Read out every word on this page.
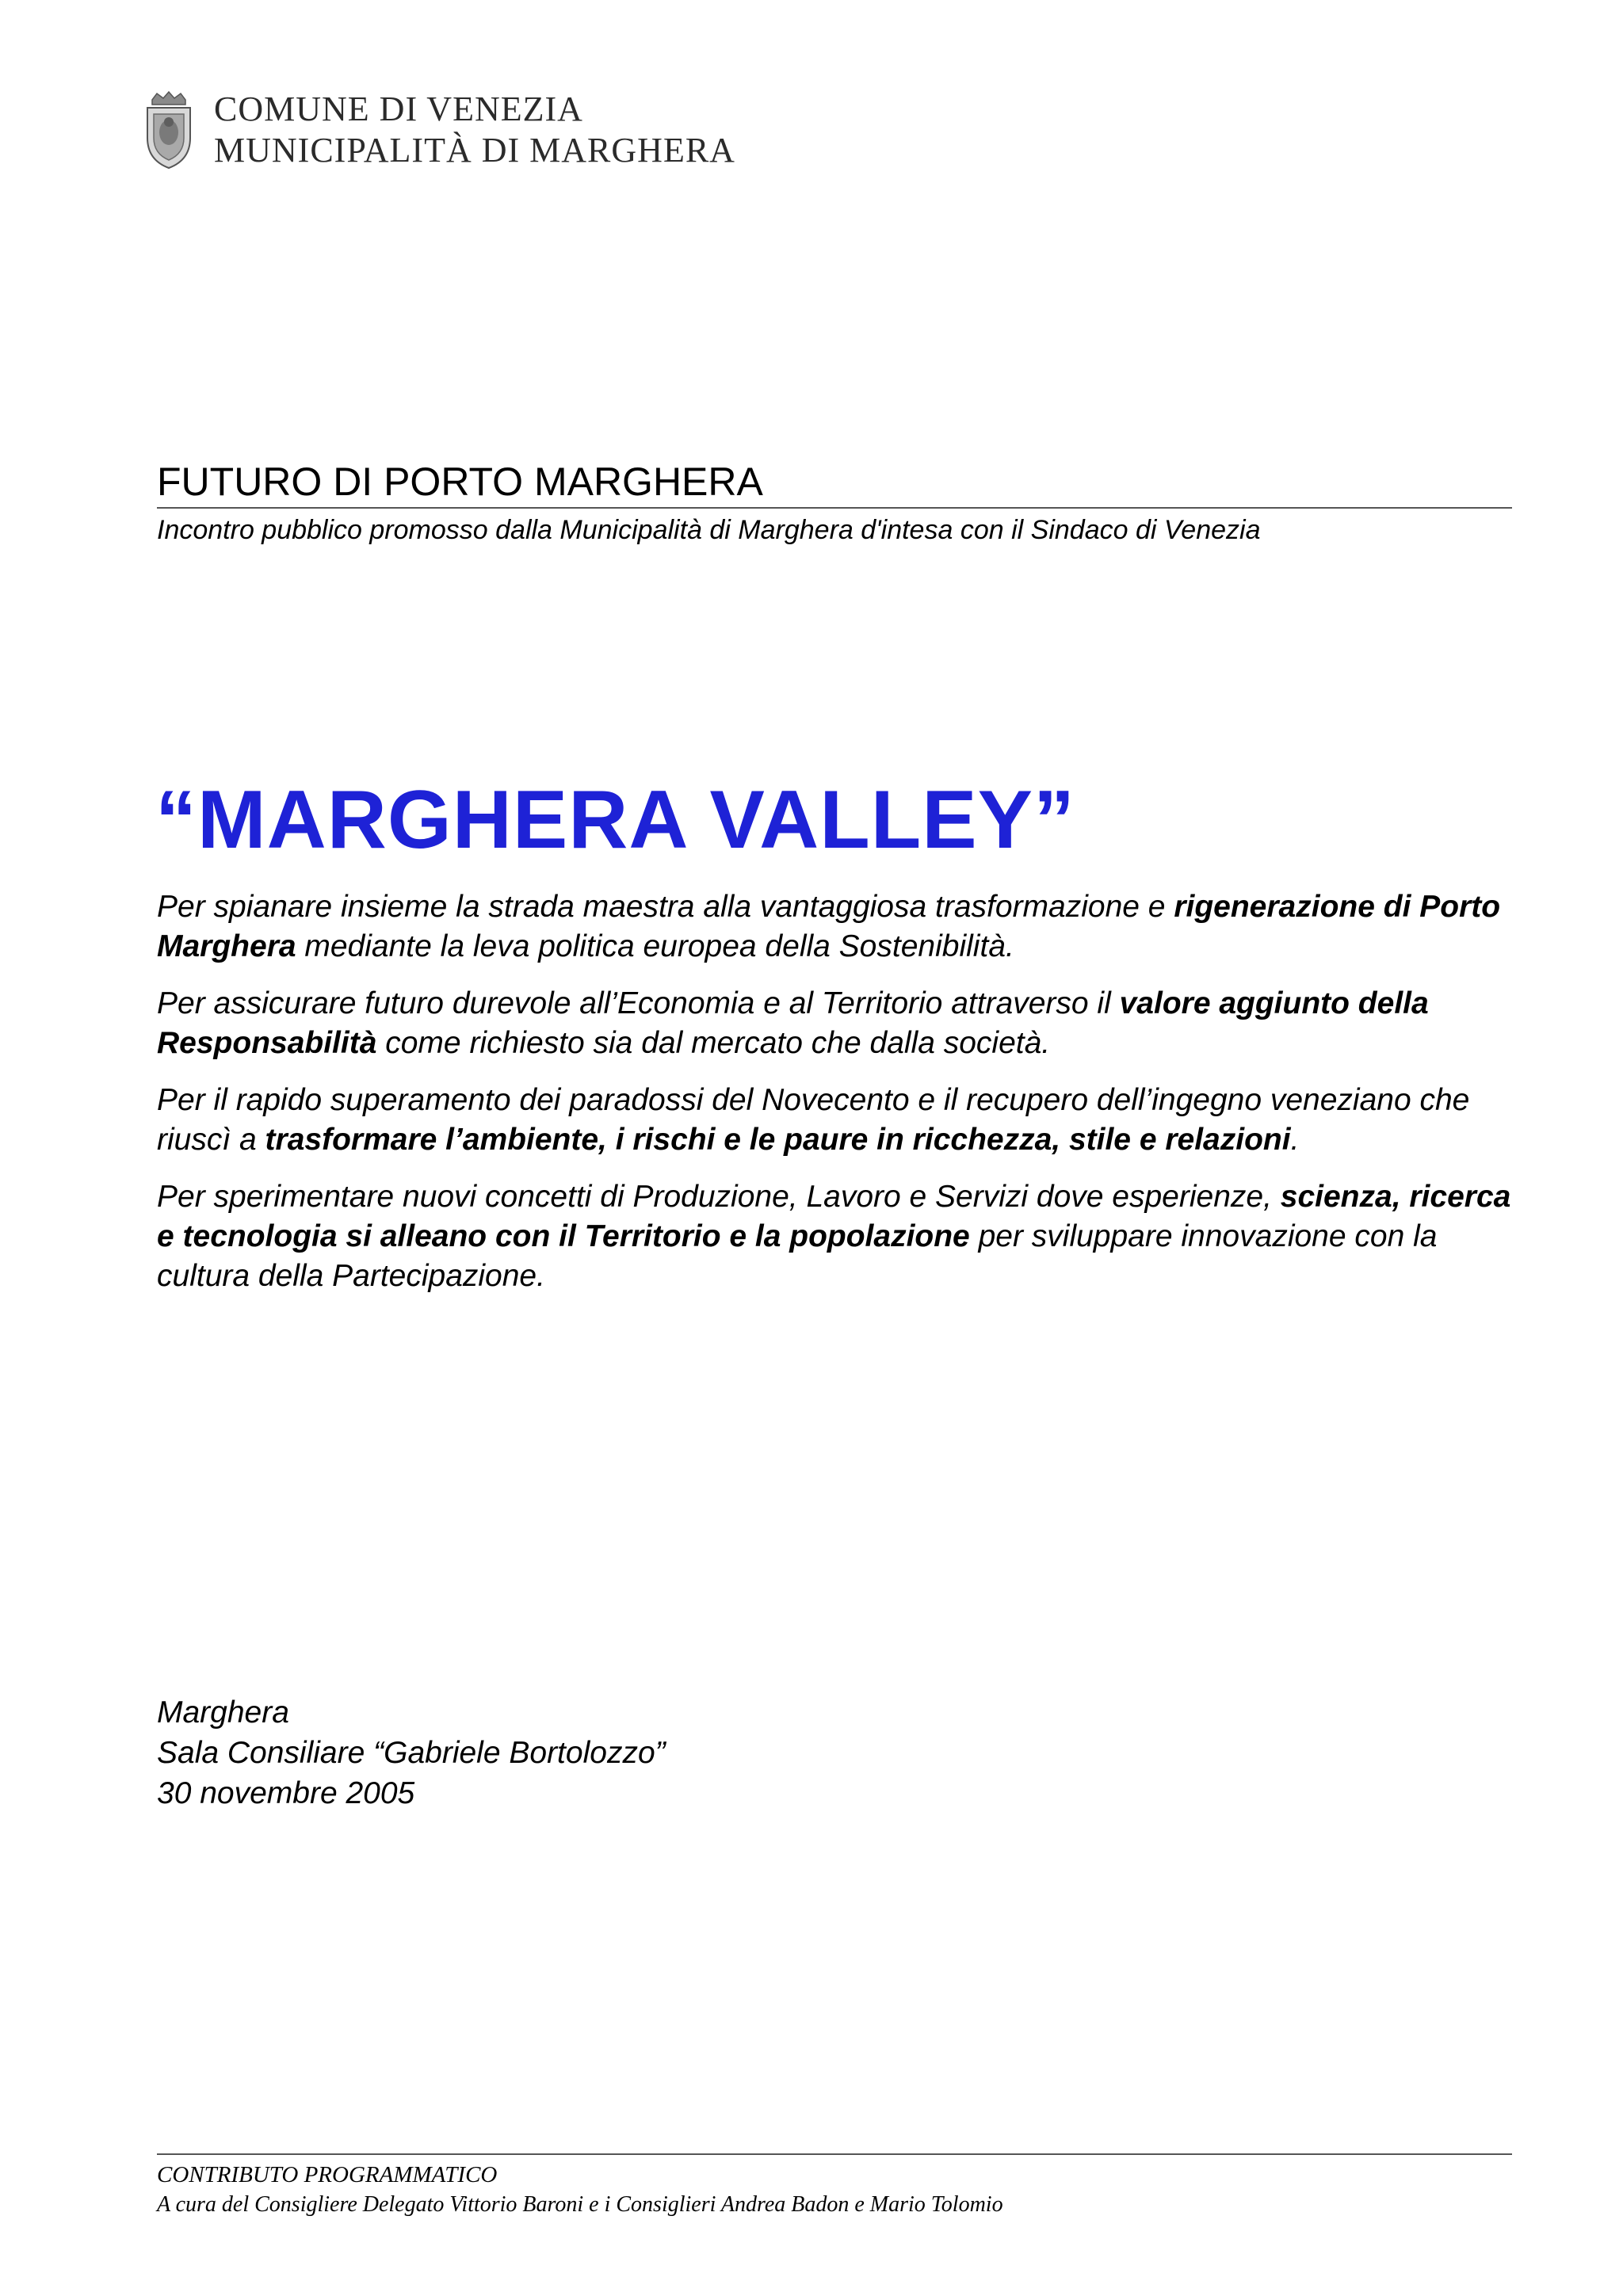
COMUNE DI VENEZIA
MUNICIPALITÀ DI MARGHERA
FUTURO DI PORTO MARGHERA
Incontro pubblico promosso dalla Municipalità di Marghera d'intesa con il Sindaco di Venezia
“MARGHERA VALLEY”

Per spianare insieme la strada maestra alla vantaggiosa trasformazione e rigenerazione di Porto Marghera mediante la leva politica europea della Sostenibilità.

Per assicurare futuro durevole all’Economia e al Territorio attraverso il valore aggiunto della Responsabilità come richiesto sia dal mercato che dalla società.

Per il rapido superamento dei paradossi del Novecento e il recupero dell’ingegno veneziano che riuscì a trasformare l’ambiente, i rischi e le paure in ricchezza, stile e relazioni.

Per sperimentare nuovi concetti di Produzione, Lavoro e Servizi dove esperienze, scienza, ricerca e tecnologia si alleano con il Territorio e la popolazione per sviluppare innovazione con la cultura della Partecipazione.

Marghera
Sala Consiliare “Gabriele Bortolozzo”
30 novembre 2005
CONTRIBUTO PROGRAMMATICO
A cura del Consigliere Delegato Vittorio Baroni e i Consiglieri Andrea Badon e Mario Tolomio
